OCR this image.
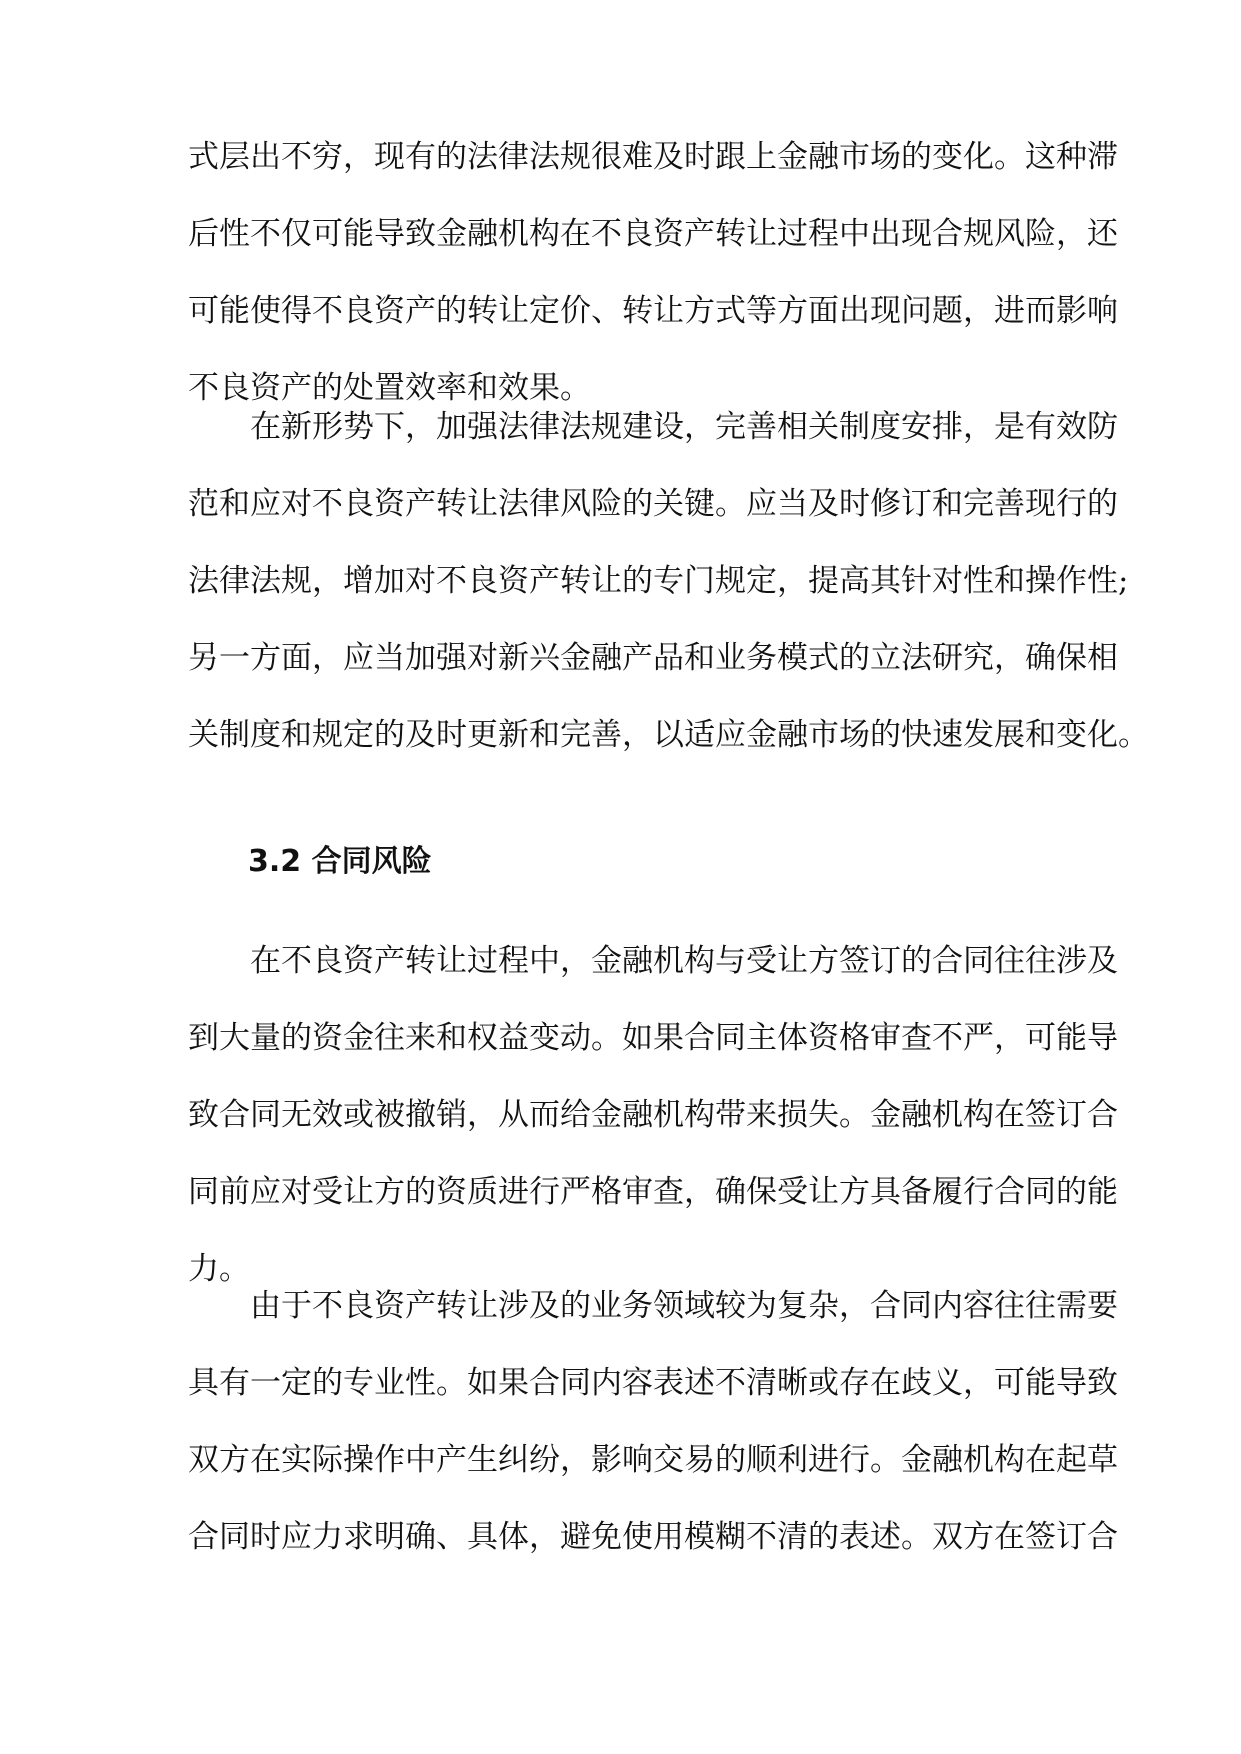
式层出不穷，现有的法律法规很难及时跟上金融市场的变化。这种滞
后性不仅可能导致金融机构在不良资产转让过程中出现合规风险，还
可能使得不良资产的转让定价、转让方式等方面出现问题，进而影响
不良资产的处置效率和效果。

在新形势下，加强法律法规建设，完善相关制度安排，是有效防
范和应对不良资产转让法律风险的关键。应当及时修订和完善现行的
法律法规，增加对不良资产转让的专门规定，提高其针对性和操作性;
另一方面，应当加强对新兴金融产品和业务模式的立法研究，确保相
关制度和规定的及时更新和完善，以适应金融市场的快速发展和变化。

3.2 合同风险

在不良资产转让过程中，金融机构与受让方签订的合同往往涉及
到大量的资金往来和权益变动。如果合同主体资格审查不严，可能导
致合同无效或被撤销，从而给金融机构带来损失。金融机构在签订合
同前应对受让方的资质进行严格审查，确保受让方具备履行合同的能
力。

由于不良资产转让涉及的业务领域较为复杂，合同内容往往需要
具有一定的专业性。如果合同内容表述不清晰或存在歧义，可能导致
双方在实际操作中产生纠纷，影响交易的顺利进行。金融机构在起草
合同时应力求明确、具体，避免使用模糊不清的表述。双方在签订合
